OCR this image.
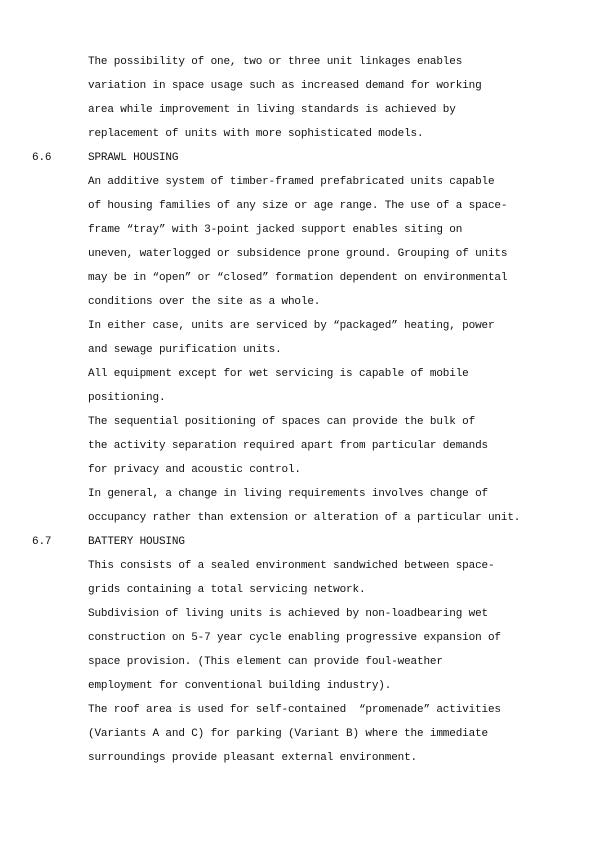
The possibility of one, two or three unit linkages enables
variation in space usage such as increased demand for working
area while improvement in living standards is achieved by
replacement of units with more sophisticated models.
6.6	SPRAWL HOUSING
An additive system of timber-framed prefabricated units capable
of housing families of any size or age range. The use of a space-
frame “tray” with 3-point jacked support enables siting on
uneven, waterlogged or subsidence prone ground. Grouping of units
may be in “open” or “closed” formation dependent on environmental
conditions over the site as a whole.
In either case, units are serviced by “packaged” heating, power
and sewage purification units.
All equipment except for wet servicing is capable of mobile
positioning.
The sequential positioning of spaces can provide the bulk of
the activity separation required apart from particular demands
for privacy and acoustic control.
In general, a change in living requirements involves change of
occupancy rather than extension or alteration of a particular unit.
6.7	BATTERY HOUSING
This consists of a sealed environment sandwiched between space-
grids containing a total servicing network.
Subdivision of living units is achieved by non-loadbearing wet
construction on 5-7 year cycle enabling progressive expansion of
space provision. (This element can provide foul-weather
employment for conventional building industry).
The roof area is used for self-contained  “promenade” activities
(Variants A and C) for parking (Variant B) where the immediate
surroundings provide pleasant external environment.
